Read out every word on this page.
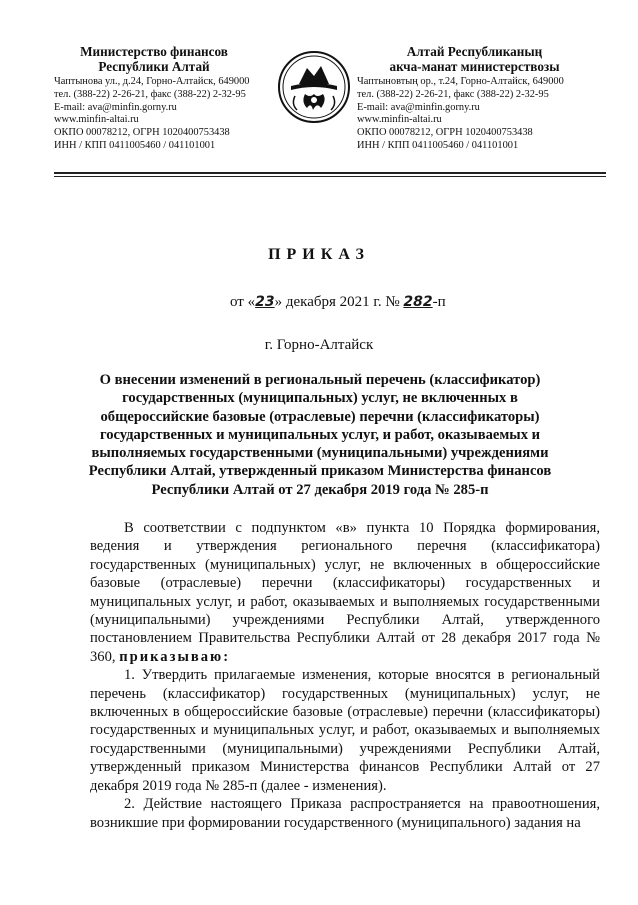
Министерство финансов
Республики Алтай
Чаптынова ул., д.24, Горно-Алтайск, 649000
тел. (388-22) 2-26-21, факс (388-22) 2-32-95
E-mail: ava@minfin.gorny.ru
www.minfin-altai.ru
ОКПО 00078212, ОГРН 1020400753438
ИНН / КПП 0411005460 / 041101001
Алтай Республиканың
акча-манат министерствозы
Чаптыновтың ор., т.24, Горно-Алтайск, 649000
тел. (388-22) 2-26-21, факс (388-22) 2-32-95
E-mail: ava@minfin.gorny.ru
www.minfin-altai.ru
ОКПО 00078212, ОГРН 1020400753438
ИНН / КПП 0411005460 / 041101001
ПРИКАЗ
от «23» декабря 2021 г. № 282-п
г. Горно-Алтайск
О внесении изменений в региональный перечень (классификатор) государственных (муниципальных) услуг, не включенных в общероссийские базовые (отраслевые) перечни (классификаторы) государственных и муниципальных услуг, и работ, оказываемых и выполняемых государственными (муниципальными) учреждениями Республики Алтай, утвержденный приказом Министерства финансов Республики Алтай от 27 декабря 2019 года № 285-п

В соответствии с подпунктом «в» пункта 10 Порядка формирования, ведения и утверждения регионального перечня (классификатора) государственных (муниципальных) услуг, не включенных в общероссийские базовые (отраслевые) перечни (классификаторы) государственных и муниципальных услуг, и работ, оказываемых и выполняемых государственными (муниципальными) учреждениями Республики Алтай, утвержденного постановлением Правительства Республики Алтай от 28 декабря 2017 года № 360, приказываю:

1. Утвердить прилагаемые изменения, которые вносятся в региональный перечень (классификатор) государственных (муниципальных) услуг, не включенных в общероссийские базовые (отраслевые) перечни (классификаторы) государственных и муниципальных услуг, и работ, оказываемых и выполняемых государственными (муниципальными) учреждениями Республики Алтай, утвержденный приказом Министерства финансов Республики Алтай от 27 декабря 2019 года № 285-п (далее - изменения).

2. Действие настоящего Приказа распространяется на правоотношения, возникшие при формировании государственного (муниципального) задания на
